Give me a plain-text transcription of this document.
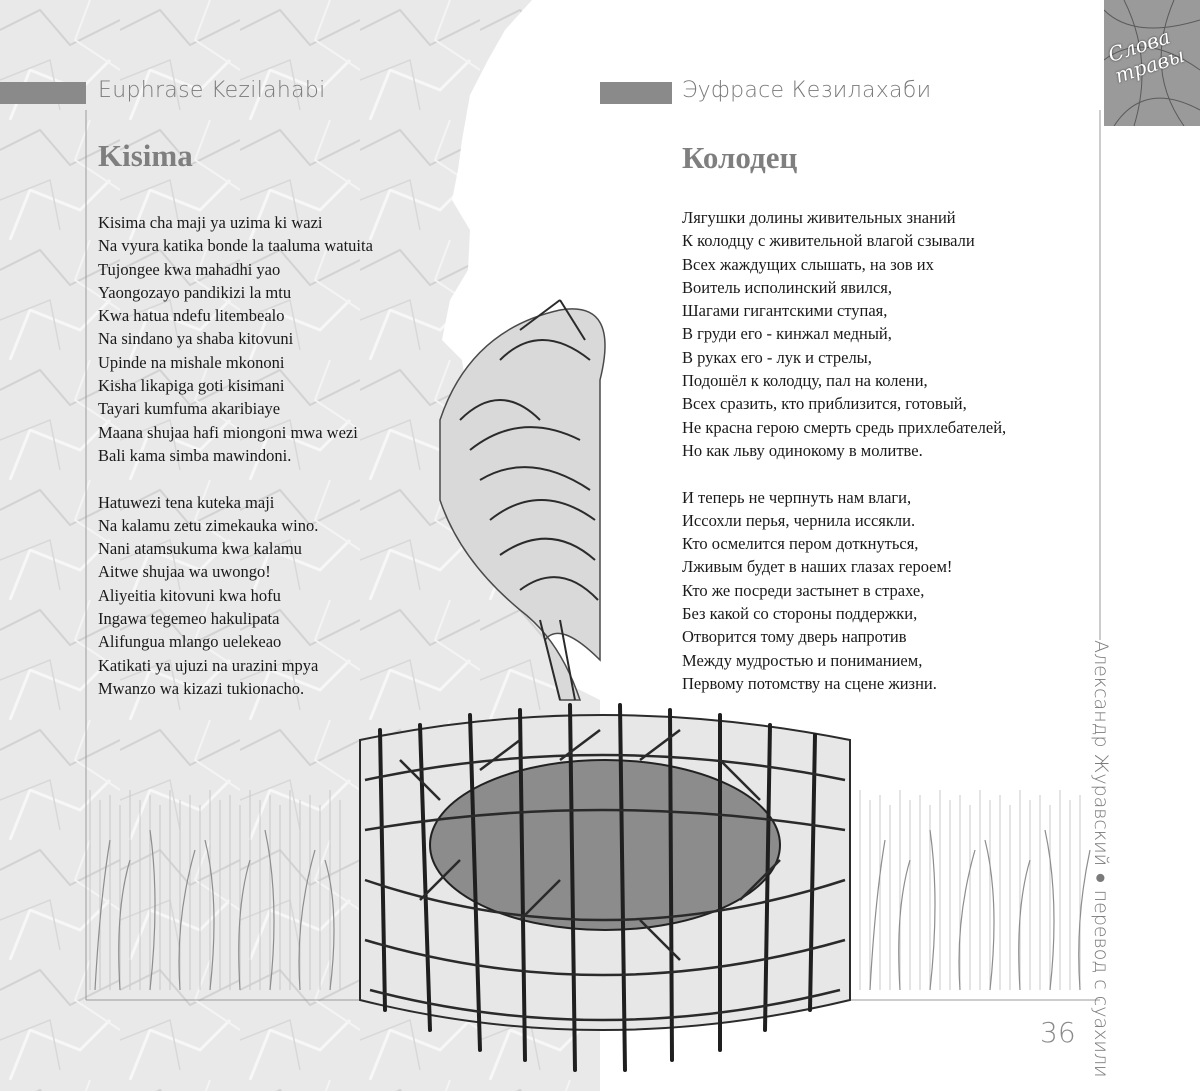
Euphrase Kezilahabi	Эуфрасе Кезилахаби
Слова травы
Kisima	Колодец
Kisima cha maji ya uzima ki wazi
Na vyura katika bonde la taaluma watuita
Tujongee kwa mahadhi yao
Yaongozayo pandikizi la mtu
Kwa hatua ndefu litembealo
Na sindano ya shaba kitovuni
Upinde na mishale mkononi
Kisha likapiga goti kisimani
Tayari kumfuma akaribiaye
Maana shujaa hafi miongoni mwa wezi
Bali kama simba mawindoni.
Hatuwezi tena kuteka maji
Na kalamu zetu zimekauka wino.
Nani atamsukuma kwa kalamu
Aitwe shujaa wa uwongo!
Aliyeitia kitovuni kwa hofu
Ingawa tegemeo hakulipata
Alifungua mlango uelekeao
Katikati ya ujuzi na urazini mpya
Mwanzo wa kizazi tukionacho.
Лягушки долины живительных знаний
К колодцу с живительной влагой сзывали
Всех жаждущих слышать, на зов их
Воитель исполинский явился,
Шагами гигантскими ступая,
В груди его - кинжал медный,
В руках его - лук и стрелы,
Подошёл к колодцу, пал на колени,
Всех сразить, кто приблизится, готовый,
Не красна герою смерть средь прихлебателей,
Но как льву одинокому в молитве.
И теперь не черпнуть нам влаги,
Иссохли перья, чернила иссякли.
Кто осмелится пером доткнуться,
Лживым будет в наших глазах героем!
Кто же посреди застынет в страхе,
Без какой со стороны поддержки,
Отворится тому дверь напротив
Между мудростью и пониманием,
Первому потомству на сцене жизни.	Александр Журавский ● перевод с суахили
36
